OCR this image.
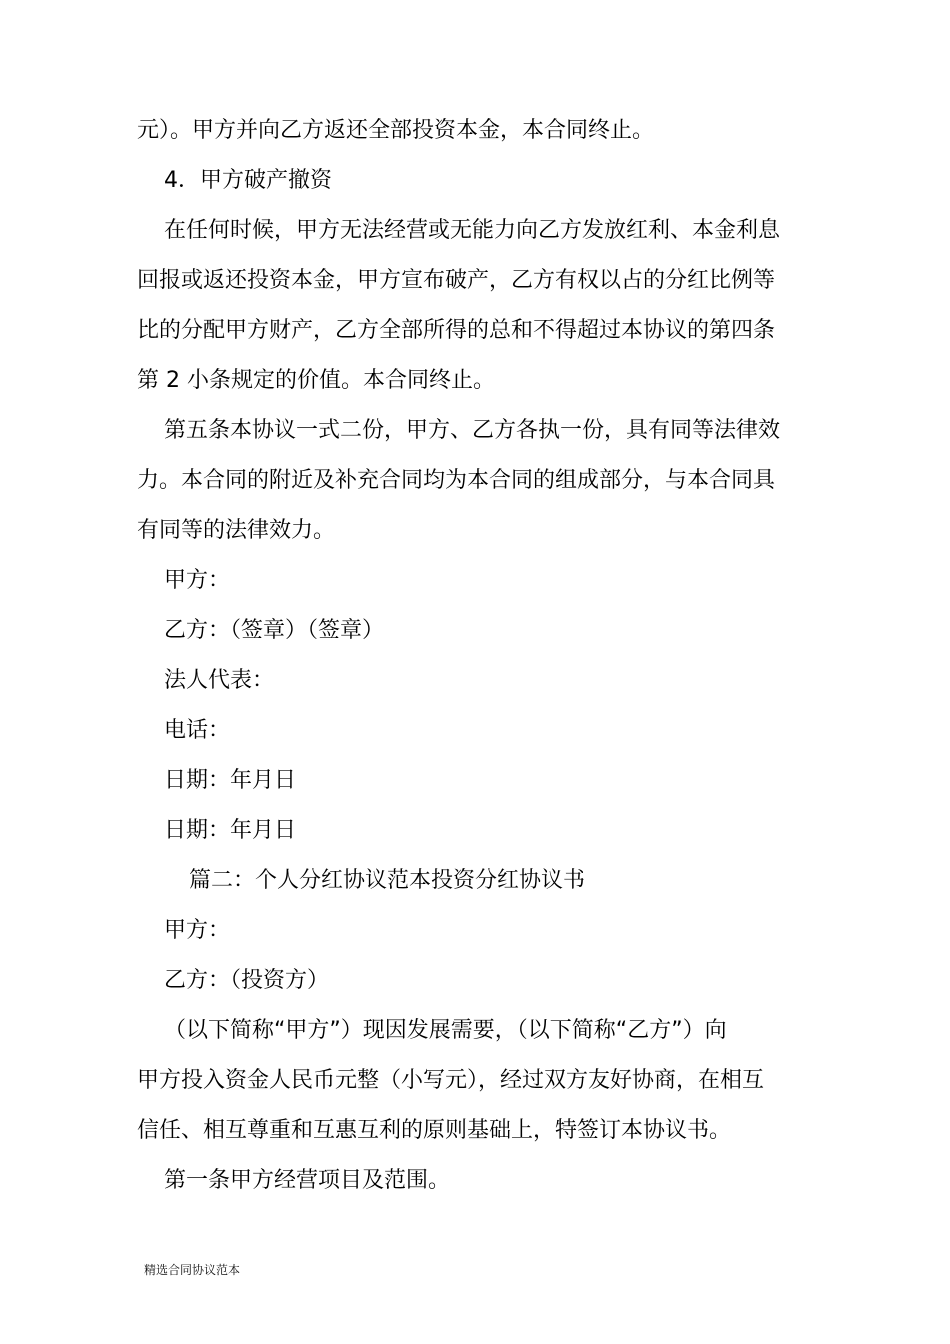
元）。甲方并向乙方返还全部投资本金，本合同终止。
4．甲方破产撤资
在任何时候，甲方无法经营或无能力向乙方发放红利、本金利息
回报或返还投资本金，甲方宣布破产，乙方有权以占的分红比例等
比的分配甲方财产，乙方全部所得的总和不得超过本协议的第四条
第 2 小条规定的价值。本合同终止。
第五条本协议一式二份，甲方、乙方各执一份，具有同等法律效
力。本合同的附近及补充合同均为本合同的组成部分，与本合同具
有同等的法律效力。
甲方：
乙方：（签章）（签章）
法人代表：
电话：
日期：年月日
日期：年月日
篇二：个人分红协议范本投资分红协议书
甲方：
乙方：（投资方）
（以下简称“甲方”）现因发展需要，（以下简称“乙方”）向
甲方投入资金人民币元整（小写元），经过双方友好协商，在相互
信任、相互尊重和互惠互利的原则基础上，特签订本协议书。
第一条甲方经营项目及范围。
精选合同协议范本
